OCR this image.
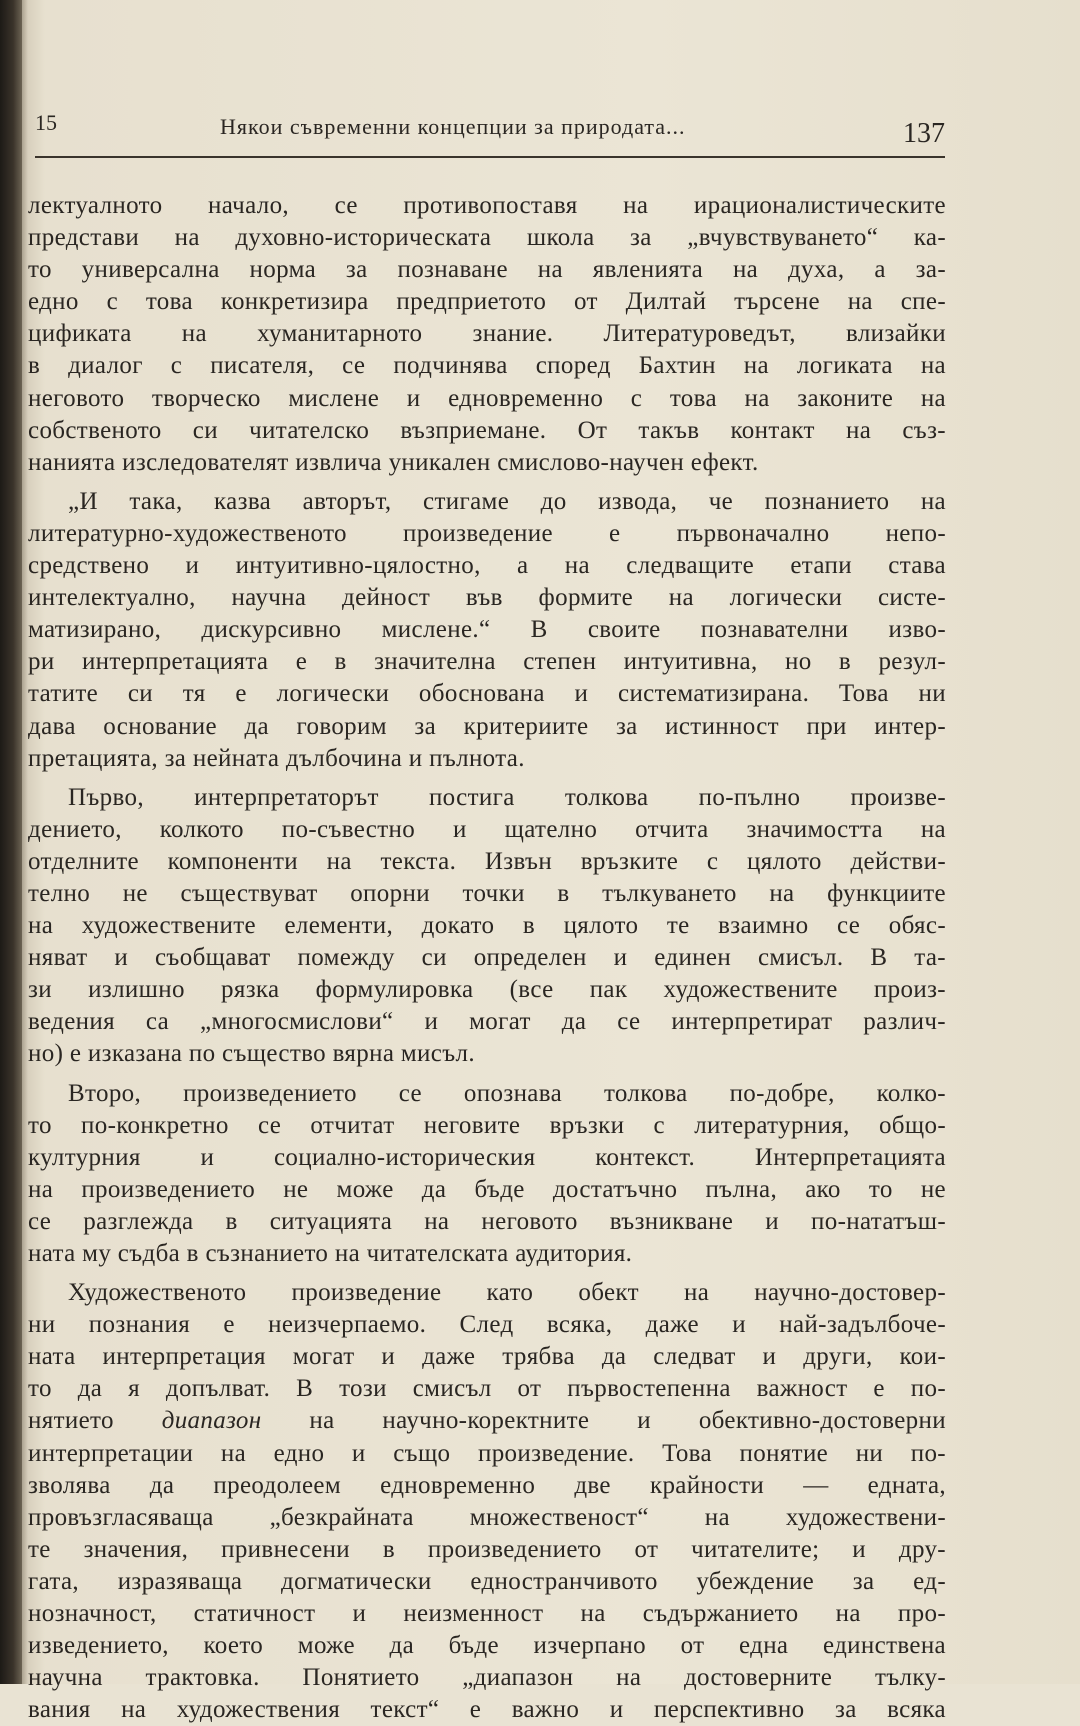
15	Някои съвременни концепции за природата...	137
лектуалното начало, се противопоставя на ирационалистическите
представи на духовно-историческата школа за „вчувствуването“ ка-
то универсална норма за познаване на явленията на духа, а за-
едно с това конкретизира предприетото от Дилтай търсене на спе-
цификата на хуманитарното знание. Литературоведът, влизайки
в диалог с писателя, се подчинява според Бахтин на логиката на
неговото творческо мислене и едновременно с това на законите на
собственото си читателско възприемане. От такъв контакт на съз-
нанията изследователят извлича уникален смислово-научен ефект.
„И така, казва авторът, стигаме до извода, че познанието на
литературно-художественото произведение е първоначално непо-
средствено и интуитивно-цялостно, а на следващите етапи става
интелектуално, научна дейност във формите на логически систе-
матизирано, дискурсивно мислене.“ В своите познавателни изво-
ри интерпретацията е в значителна степен интуитивна, но в резул-
татите си тя е логически обоснована и систематизирана. Това ни
дава основание да говорим за критериите за истинност при интер-
претацията, за нейната дълбочина и пълнота.
Първо, интерпретаторът постига толкова по-пълно произве-
дението, колкото по-съвестно и щателно отчита значимостта на
отделните компоненти на текста. Извън връзките с цялото действи-
телно не съществуват опорни точки в тълкуването на функциите
на художествените елементи, докато в цялото те взаимно се обяс-
няват и съобщават помежду си определен и единен смисъл. В та-
зи излишно рязка формулировка (все пак художествените произ-
ведения са „многосмислови“ и могат да се интерпретират различ-
но) е изказана по същество вярна мисъл.
Второ, произведението се опознава толкова по-добре, колко-
то по-конкретно се отчитат неговите връзки с литературния, общо-
културния и социално-историческия контекст. Интерпретацията
на произведението не може да бъде достатъчно пълна, ако то не
се разглежда в ситуацията на неговото възникване и по-нататъш-
ната му съдба в съзнанието на читателската аудитория.
Художественото произведение като обект на научно-достовер-
ни познания е неизчерпаемо. След всяка, даже и най-задълбоче-
ната интерпретация могат и даже трябва да следват и други, кои-
то да я допълват. В този смисъл от първостепенна важност е по-
нятието диапазон на научно-коректните и обективно-достоверни
интерпретации на едно и също произведение. Това понятие ни по-
зволява да преодолеем едновременно две крайности — едната,
провъзгласяваща „безкрайната множественост“ на художествени-
те значения, привнесени в произведението от читателите; и дру-
гата, изразяваща догматически едностранчивото убеждение за ед-
нозначност, статичност и неизменност на съдържанието на про-
изведението, което може да бъде изчерпано от една единствена
научна трактовка. Понятието „диапазон на достоверните тълку-
вания на художествения текст“ е важно и перспективно за всяка
